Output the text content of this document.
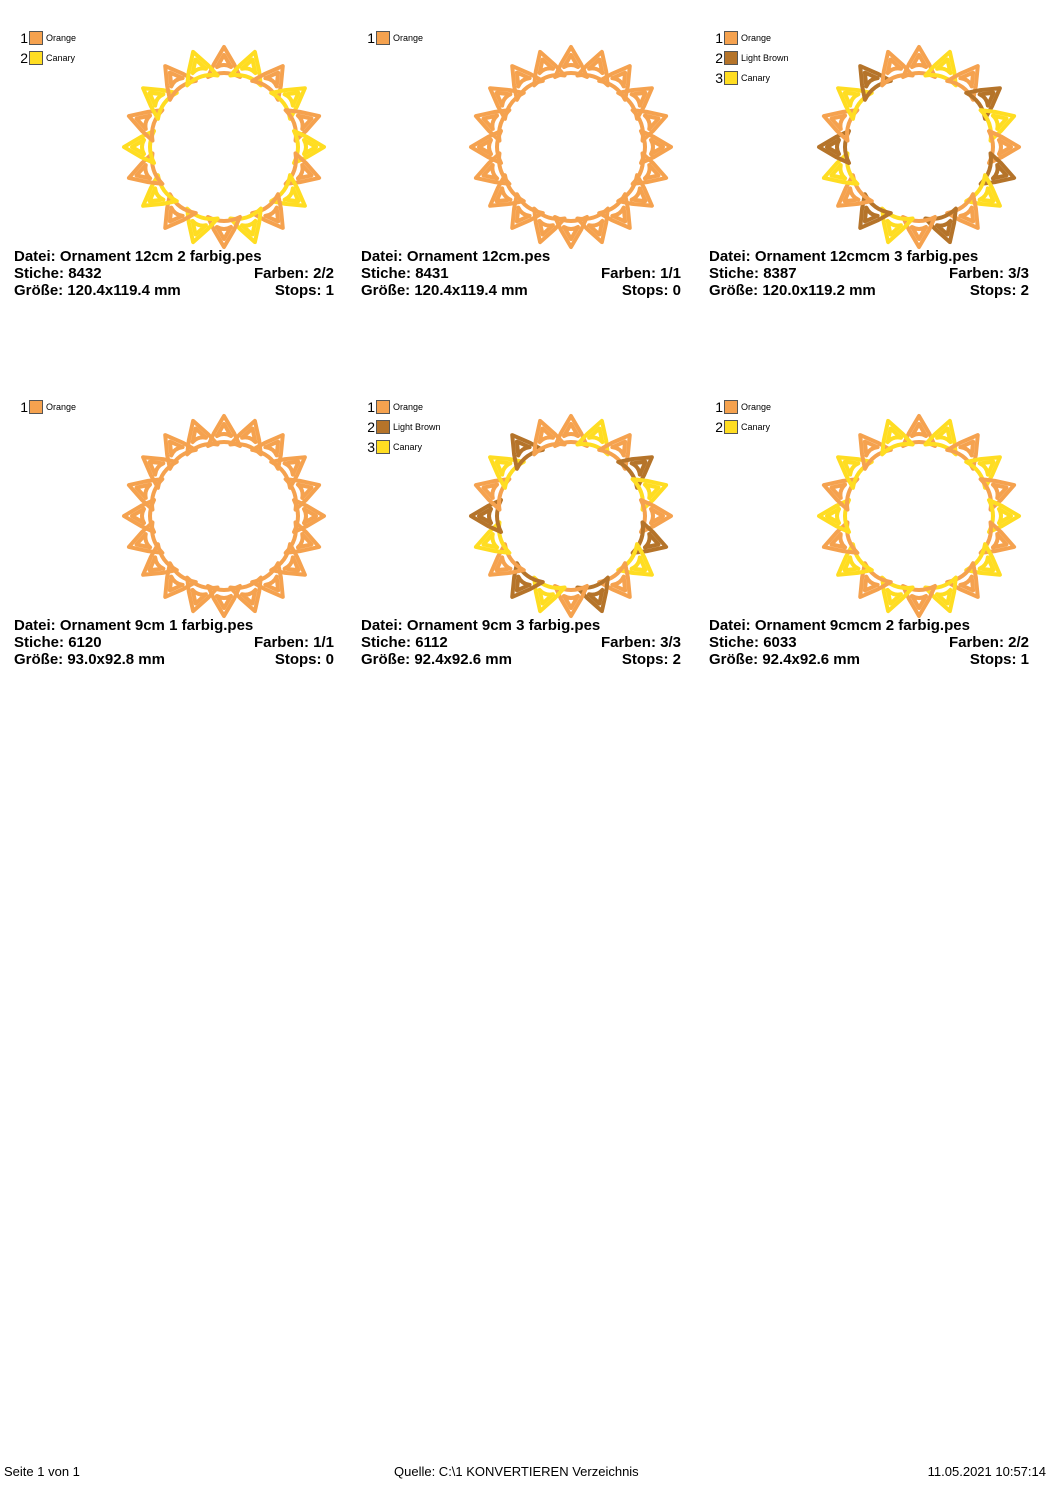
1 Orange
2 Canary
Datei: Ornament 12cm 2 farbig.pes
Stiche: 8432	Farben: 2/2
Größe: 120.4x119.4 mm	Stops: 1
1 Orange
Datei: Ornament 12cm.pes
Stiche: 8431	Farben: 1/1
Größe: 120.4x119.4 mm	Stops: 0
1 Orange
2 Light Brown
3 Canary
Datei: Ornament 12cmcm 3 farbig.pes
Stiche: 8387	Farben: 3/3
Größe: 120.0x119.2 mm	Stops: 2
1 Orange
Datei: Ornament 9cm 1 farbig.pes
Stiche: 6120	Farben: 1/1
Größe: 93.0x92.8 mm	Stops: 0
1 Orange
2 Light Brown
3 Canary
Datei: Ornament 9cm 3 farbig.pes
Stiche: 6112	Farben: 3/3
Größe: 92.4x92.6 mm	Stops: 2
1 Orange
2 Canary
Datei: Ornament 9cmcm 2 farbig.pes
Stiche: 6033	Farben: 2/2
Größe: 92.4x92.6 mm	Stops: 1
Seite 1 von 1	Quelle: C:\1 KONVERTIEREN Verzeichnis	11.05.2021 10:57:14
